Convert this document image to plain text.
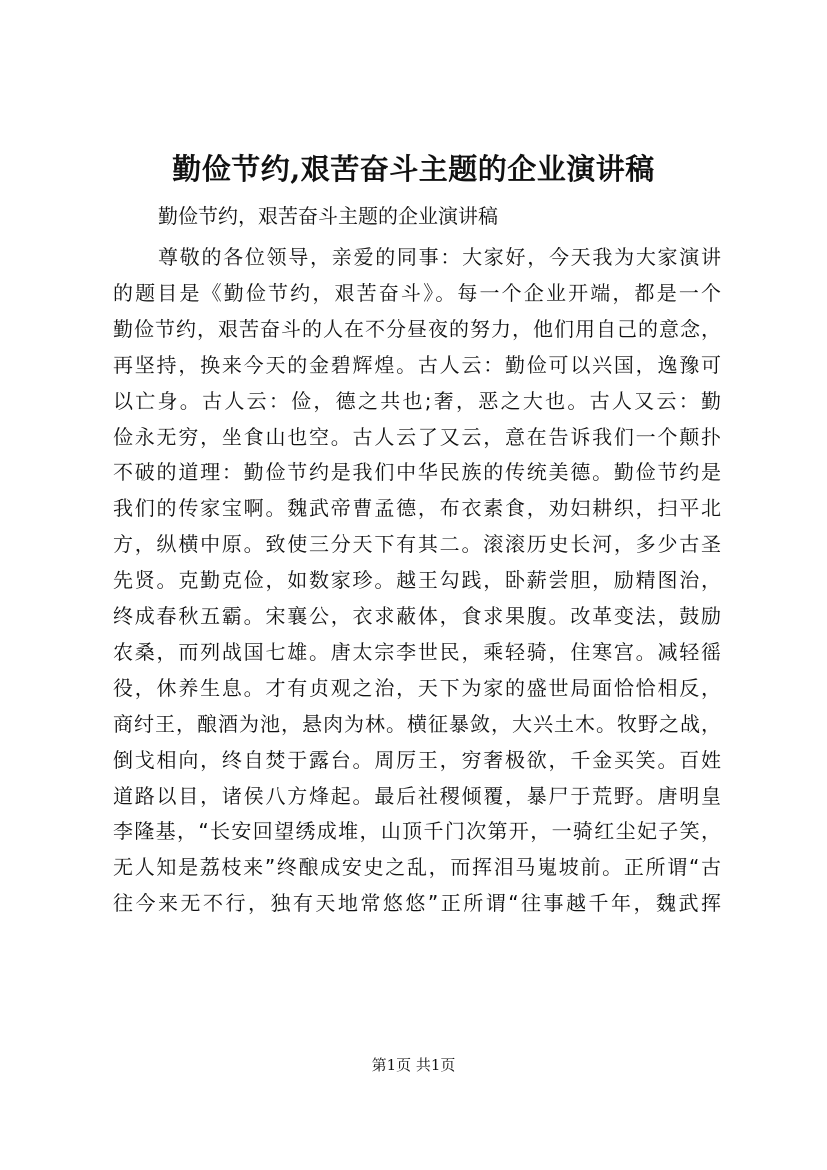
勤俭节约,艰苦奋斗主题的企业演讲稿
勤俭节约，艰苦奋斗主题的企业演讲稿
尊敬的各位领导，亲爱的同事：大家好，今天我为大家演讲
的题目是《勤俭节约，艰苦奋斗》。每一个企业开端，都是一个
勤俭节约，艰苦奋斗的人在不分昼夜的努力，他们用自己的意念，
再坚持，换来今天的金碧辉煌。古人云：勤俭可以兴国，逸豫可
以亡身。古人云：俭，德之共也;奢，恶之大也。古人又云：勤
俭永无穷，坐食山也空。古人云了又云，意在告诉我们一个颠扑
不破的道理：勤俭节约是我们中华民族的传统美德。勤俭节约是
我们的传家宝啊。魏武帝曹孟德，布衣素食，劝妇耕织，扫平北
方，纵横中原。致使三分天下有其二。滚滚历史长河，多少古圣
先贤。克勤克俭，如数家珍。越王勾践，卧薪尝胆，励精图治，
终成春秋五霸。宋襄公，衣求蔽体，食求果腹。改革变法，鼓励
农桑，而列战国七雄。唐太宗李世民，乘轻骑，住寒宫。减轻徭
役，休养生息。才有贞观之治，天下为家的盛世局面恰恰相反，
商纣王，酿酒为池，悬肉为林。横征暴敛，大兴土木。牧野之战，
倒戈相向，终自焚于露台。周厉王，穷奢极欲，千金买笑。百姓
道路以目，诸侯八方烽起。最后社稷倾覆，暴尸于荒野。唐明皇
李隆基，“长安回望绣成堆，山顶千门次第开，一骑红尘妃子笑，
无人知是荔枝来”终酿成安史之乱，而挥泪马嵬坡前。正所谓“古
往今来无不行，独有天地常悠悠”正所谓“往事越千年，魏武挥
第1页 共1页
